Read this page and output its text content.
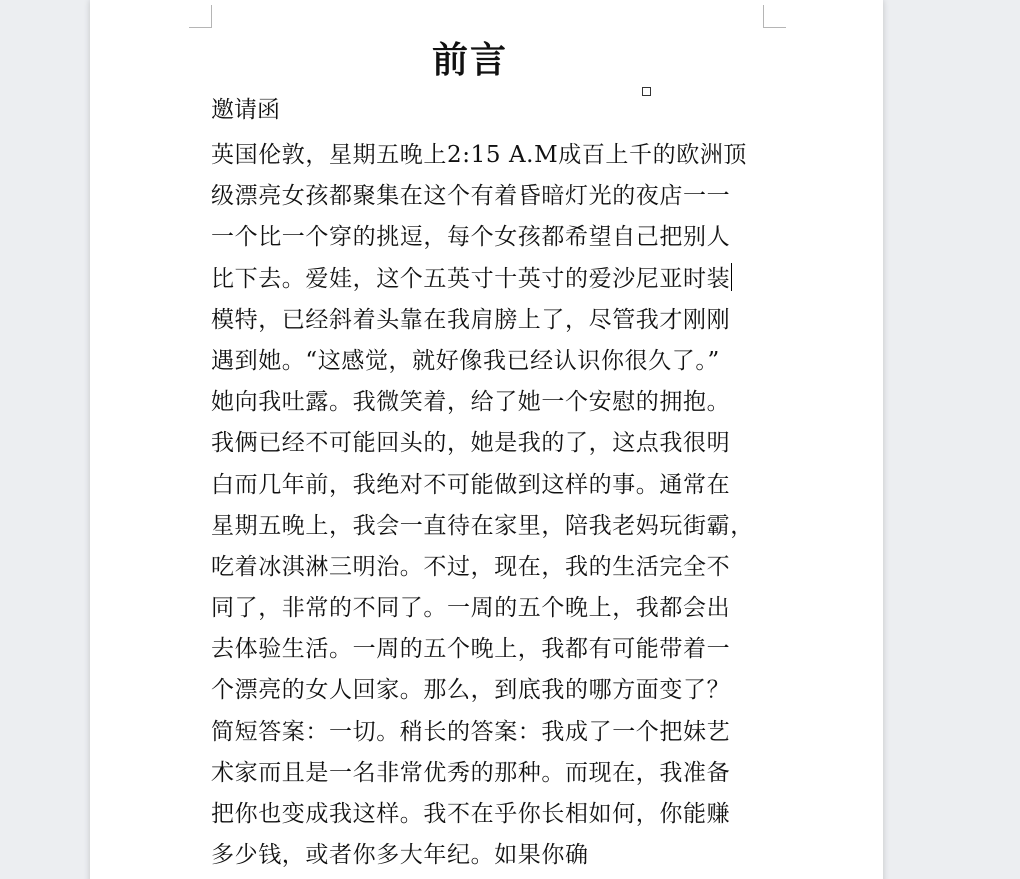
前言
邀请函
英国伦敦，星期五晚上2:15 A.M成百上千的欧洲顶
级漂亮女孩都聚集在这个有着昏暗灯光的夜店一一
一个比一个穿的挑逗，每个女孩都希望自己把别人
比下去。爱娃，这个五英寸十英寸的爱沙尼亚时装
模特，已经斜着头靠在我肩膀上了，尽管我才刚刚
遇到她。“这感觉，就好像我已经认识你很久了。”
她向我吐露。我微笑着，给了她一个安慰的拥抱。
我俩已经不可能回头的，她是我的了，这点我很明
白而几年前，我绝对不可能做到这样的事。通常在
星期五晚上，我会一直待在家里，陪我老妈玩街霸，
吃着冰淇淋三明治。不过，现在，我的生活完全不
同了，非常的不同了。一周的五个晚上，我都会出
去体验生活。一周的五个晚上，我都有可能带着一
个漂亮的女人回家。那么，到底我的哪方面变了？
简短答案：一切。稍长的答案：我成了一个把妹艺
术家而且是一名非常优秀的那种。而现在，我准备
把你也变成我这样。我不在乎你长相如何，你能赚
多少钱，或者你多大年纪。如果你确
